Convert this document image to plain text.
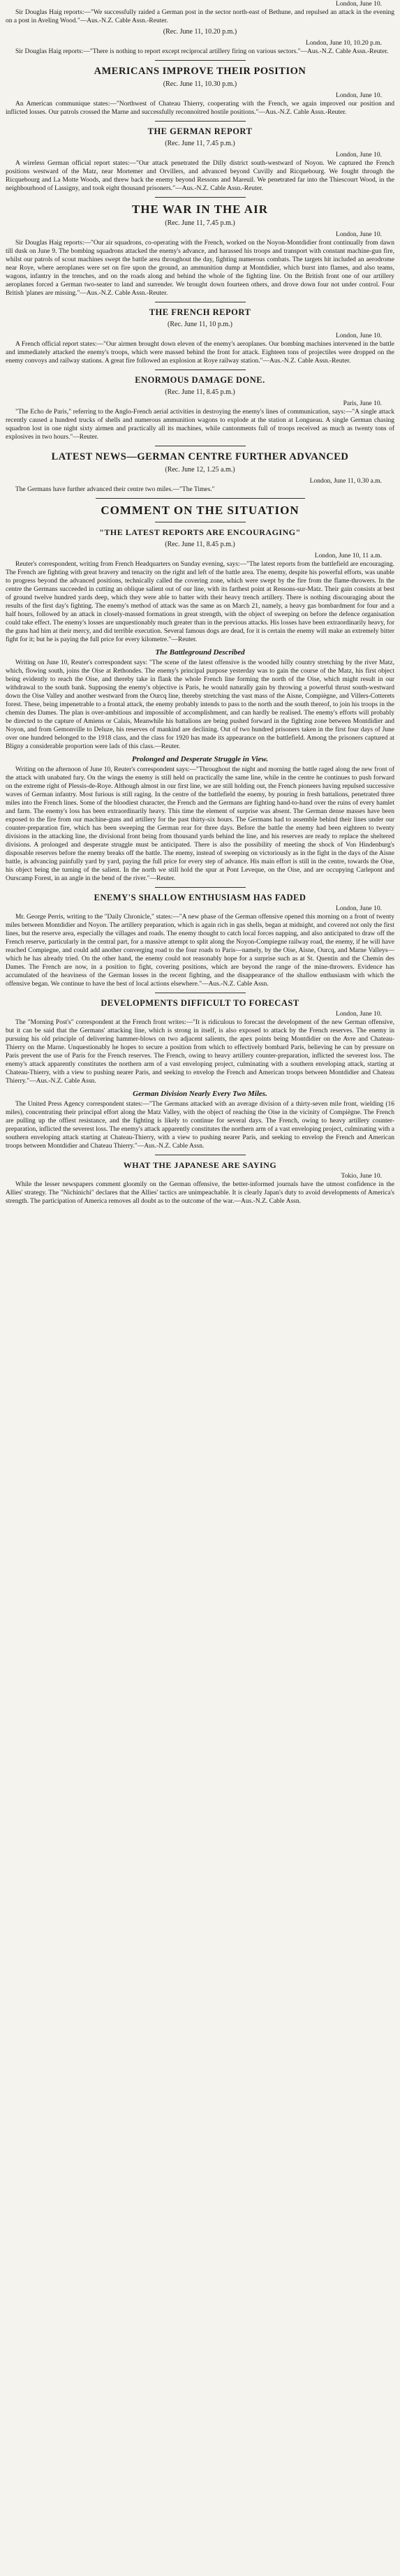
London, June 10.

Sir Douglas Haig reports:—"We successfully raided a German post in the sector north-east of Bethune, and repulsed an attack in the evening on a post in Aveling Wood."—Aus.-N.Z. Cable Assn.-Reuter.

(Rec. June 11, 10.20 p.m.)
London, June 10, 10.20 p.m.

Sir Douglas Haig reports:—"There is nothing to report except reciprocal artillery firing on various sectors."—Aus.-N.Z. Cable Assn.-Reuter.

AMERICANS IMPROVE THEIR POSITION
(Rec. June 11, 10.30 p.m.)
London, June 10.

An American communique states:—"Northwest of Chateau Thierry, cooperating with the French, we again improved our position and inflicted losses. Our patrols crossed the Marne and successfully reconnoitred hostile positions."—Aus.-N.Z. Cable Assn.-Reuter.

THE GERMAN REPORT
(Rec. June 11, 7.45 p.m.)
London, June 10.

A wireless German official report states:—"Our attack penetrated the Dilly district south-westward of Noyon. We captured the French positions westward of the Matz, near Mortemer and Orvillers, and advanced beyond Cuvilly and Ricquebourg. We fought through the Ricquebourg and La Motte Woods, and threw back the enemy beyond Ressons and Mareuil. We penetrated far into the Thiescourt Wood, in the neighbourhood of Lassigny, and took eight thousand prisoners."—Aus.-N.Z. Cable Assn.-Reuter.

THE WAR IN THE AIR
(Rec. June 11, 7.45 p.m.)
London, June 10.

Sir Douglas Haig reports:—"Our air squadrons, co-operating with the French, worked on the Noyon-Montdidier front continually from dawn till dusk on June 9. The bombing squadrons attacked the enemy's advance, and harassed his troops and transport with constant machine-gun fire, whilst our patrols of scout machines swept the battle area throughout the day, fighting numerous combats. The targets hit included an aerodrome near Roye, where aeroplanes were set on fire upon the ground, an ammunition dump at Montdidier, which burst into flames, and also teams, wagons, infantry in the trenches, and on the roads along and behind the whole of the fighting line. On the British front one of our artillery aeroplanes forced a German two-seater to land and surrender. We brought down fourteen others, and drove down four not under control. Four British 'planes are missing."—Aus.-N.Z. Cable Assn.-Reuter.

THE FRENCH REPORT
(Rec. June 11, 10 p.m.)
London, June 10.

A French official report states:—"Our airmen brought down eleven of the enemy's aeroplanes. Our bombing machines intervened in the battle and immediately attacked the enemy's troops, which were massed behind the front for attack. Eighteen tons of projectiles were dropped on the enemy convoys and railway stations. A great fire followed an explosion at Roye railway station."—Aus.-N.Z. Cable Assn.-Reuter.

ENORMOUS DAMAGE DONE.
(Rec. June 11, 8.45 p.m.)
Paris, June 10.

"The Echo de Paris," referring to the Anglo-French aerial activities in destroying the enemy's lines of communication, says:—"A single attack recently caused a hundred trucks of shells and numerous ammunition wagons to explode at the station at Longueau. A single German chasing squadron lost in one night sixty airmen and practically all its machines, while cantonments full of troops received as much as twenty tons of explosives in two hours."—Reuter.

LATEST NEWS—GERMAN CENTRE FURTHER ADVANCED
(Rec. June 12, 1.25 a.m.)
London, June 11, 0.30 a.m.

The Germans have further advanced their centre two miles.—"The Times."

COMMENT ON THE SITUATION
"THE LATEST REPORTS ARE ENCOURAGING"
(Rec. June 11, 8.45 p.m.)
London, June 10, 11 a.m.

Reuter's correspondent, writing from French Headquarters on Sunday evening, says:—"The latest reports from the battlefield are encouraging. The French are fighting with great bravery and tenacity on the right and left of the battle area. The enemy, despite his powerful efforts, was unable to progress beyond the advanced positions, technically called the covering zone, which were swept by the fire from the flame-throwers. In the centre the Germans succeeded in cutting an oblique salient out of our line, with its farthest point at Ressons-sur-Matz. Their gain consists at best of ground twelve hundred yards deep, which they were able to batter with their heavy trench artillery. There is nothing discouraging about the results of the first day's fighting. The enemy's method of attack was the same as on March 21, namely, a heavy gas bombardment for four and a half hours, followed by an attack in closely-massed formations in great strength, with the object of sweeping on before the defence organisation could take effect. The enemy's losses are unquestionably much greater than in the previous attacks. His losses have been extraordinarily heavy, for the guns had him at their mercy, and did terrible execution. Several famous dogs are dead, for it is certain the enemy will make an extremely bitter fight for it; but he is paying the full price for every kilometre."—Reuter.

The Battleground Described

Writing on June 10, Reuter's correspondent says: "The scene of the latest offensive is the wooded hilly country stretching by the river Matz, which, flowing south, joins the Oise at Rethondes. The enemy's principal purpose yesterday was to gain the course of the Matz, his first object being evidently to reach the Oise, and thereby take in flank the whole French line forming the north of the Oise, which might result in our withdrawal to the south bank. Supposing the enemy's objective is Paris, he would naturally gain by throwing a powerful thrust south-westward down the Oise Valley and another westward from the Ourcq line, thereby stretching the vast mass of the Aisne, Compiègne, and Villers-Cotterets forest. These, being impenetrable to a frontal attack, the enemy probably intends to pass to the north and the south thereof, to join his troops in the chemin des Dames. The plan is over-ambitious and impossible of accomplishment, and can hardly be realised. The enemy's efforts will probably be directed to the capture of Amiens or Calais, Meanwhile his battalions are being pushed forward in the fighting zone between Montdidier and Noyon, and from Gemonville to Deluze, his reserves of mankind are declining. Out of two hundred prisoners taken in the first four days of June over one hundred belonged to the 1918 class, and the class for 1920 has made its appearance on the battlefield. Among the prisoners captured at Bligny a considerable proportion were lads of this class.—Reuter.

Prolonged and Desperate Struggle in View.

Writing on the afternoon of June 10, Reuter's correspondent says:—"Throughout the night and morning the battle raged along the new front of the attack with unabated fury. On the wings the enemy is still held on practically the same line, while in the centre he continues to push forward on the extreme right of Plessis-de-Roye. Although almost in our first line, we are still holding out, the French pioneers having repulsed successive waves of German infantry. Most furious is still raging. In the centre of the battlefield the enemy, by pouring in fresh battalions, penetrated three miles into the French lines. Some of the bloodiest character, the French and the Germans are fighting hand-to-hand over the ruins of every hamlet and farm. The enemy's loss has been extraordinarily heavy. This time the element of surprise was absent. The German dense masses have been exposed to the fire from our machine-guns and artillery for the past thirty-six hours. The Germans had to assemble behind their lines under our counter-preparation fire, which has been sweeping the German rear for three days. Before the battle the enemy had been eighteen to twenty divisions in the attacking line, the divisional front being from thousand yards behind the line, and his reserves are ready to replace the sheltered divisions. A prolonged and desperate struggle must be anticipated. There is also the possibility of meeting the shock of Von Hindenburg's disposable reserves before the enemy breaks off the battle. The enemy, instead of sweeping on victoriously as in the fight in the days of the Aisne battle, is advancing painfully yard by yard, paying the full price for every step of advance. His main effort is still in the centre, towards the Oise, his object being the turning of the salient. In the north we still hold the spur at Pont Leveque, on the Oise, and are occupying Carlepont and Ourscamp Forest, in an angle in the bend of the river."—Reuter.

ENEMY'S SHALLOW ENTHUSIASM HAS FADED
London, June 10.

Mr. George Perris, writing to the "Daily Chronicle," states:—"A new phase of the German offensive opened this morning on a front of twenty miles between Montdidier and Noyon. The artillery preparation, which is again rich in gas shells, began at midnight, and covered not only the first lines, but the reserve area, especially the villages and roads. The enemy thought to catch local forces napping, and also anticipated to draw off the French reserve, particularly in the central part, for a massive attempt to split along the Noyon-Compiegne railway road, the enemy, if he will have reached Compiegne, and could add another converging road to the four roads to Paris—namely, by the Oise, Aisne, Ourcq, and Marne Valleys—which he has already tried. On the other hand, the enemy could not reasonably hope for a surprise such as at St. Quentin and the Chemin des Dames. The French are now, in a position to fight, covering positions, which are beyond the range of the mine-throwers. Evidence has accumulated of the heaviness of the German losses in the recent fighting, and the disappearance of the shallow enthusiasm with which the offensive began. We continue to have the best of local actions elsewhere."—Aus.-N.Z. Cable Assn.

DEVELOPMENTS DIFFICULT TO FORECAST
London, June 10.

The "Morning Post's" correspondent at the French front writes:—"It is ridiculous to forecast the development of the new German offensive, but it can be said that the Germans' attacking line, which is strong in itself, is also exposed to attack by the French reserves. The enemy in pursuing his old principle of delivering hammer-blows on two adjacent salients, the apex points being Montdidier on the Avre and Chateau-Thierry on the Marne. Unquestionably he hopes to secure a position from which to effectively bombard Paris, believing he can by pressure on Paris prevent the use of Paris for the French reserves. The French, owing to heavy artillery counter-preparation, inflicted the severest loss. The enemy's attack apparently constitutes the northern arm of a vast enveloping project, culminating with a southern enveloping attack, starting at Chateau-Thierry, with a view to pushing nearer Paris, and seeking to envelop the French and American troops between Montdidier and Chateau Thierry."—Aus.-N.Z. Cable Assn.

German Division Nearly Every Two Miles.

The United Press Agency correspondent states:—"The Germans attacked with an average division of a thirty-seven mile front, wielding (16 miles), concentrating their principal effort along the Matz Valley, with the object of reaching the Oise in the vicinity of Compiègne. The French are pulling up the offiest resistance, and the fighting is likely to continue for several days. The French, owing to heavy artillery counter-preparation, inflicted the severest loss. The enemy's attack apparently constitutes the northern arm of a vast enveloping project, culminating with a southern enveloping attack starting at Chateau-Thierry, with a view to pushing nearer Paris, and seeking to envelop the French and American troops between Montdidier and Chateau Thierry."—Aus.-N.Z. Cable Assn.

WHAT THE JAPANESE ARE SAYING
Tokio, June 10.

While the lesser newspapers comment gloomily on the German offensive, the better-informed journals have the utmost confidence in the Allies' strategy. The "Nichinichi" declares that the Allies' tactics are unimpeachable. It is clearly Japan's duty to avoid developments of America's strength. The participation of America removes all doubt as to the outcome of the war.—Aus.-N.Z. Cable Assn.
